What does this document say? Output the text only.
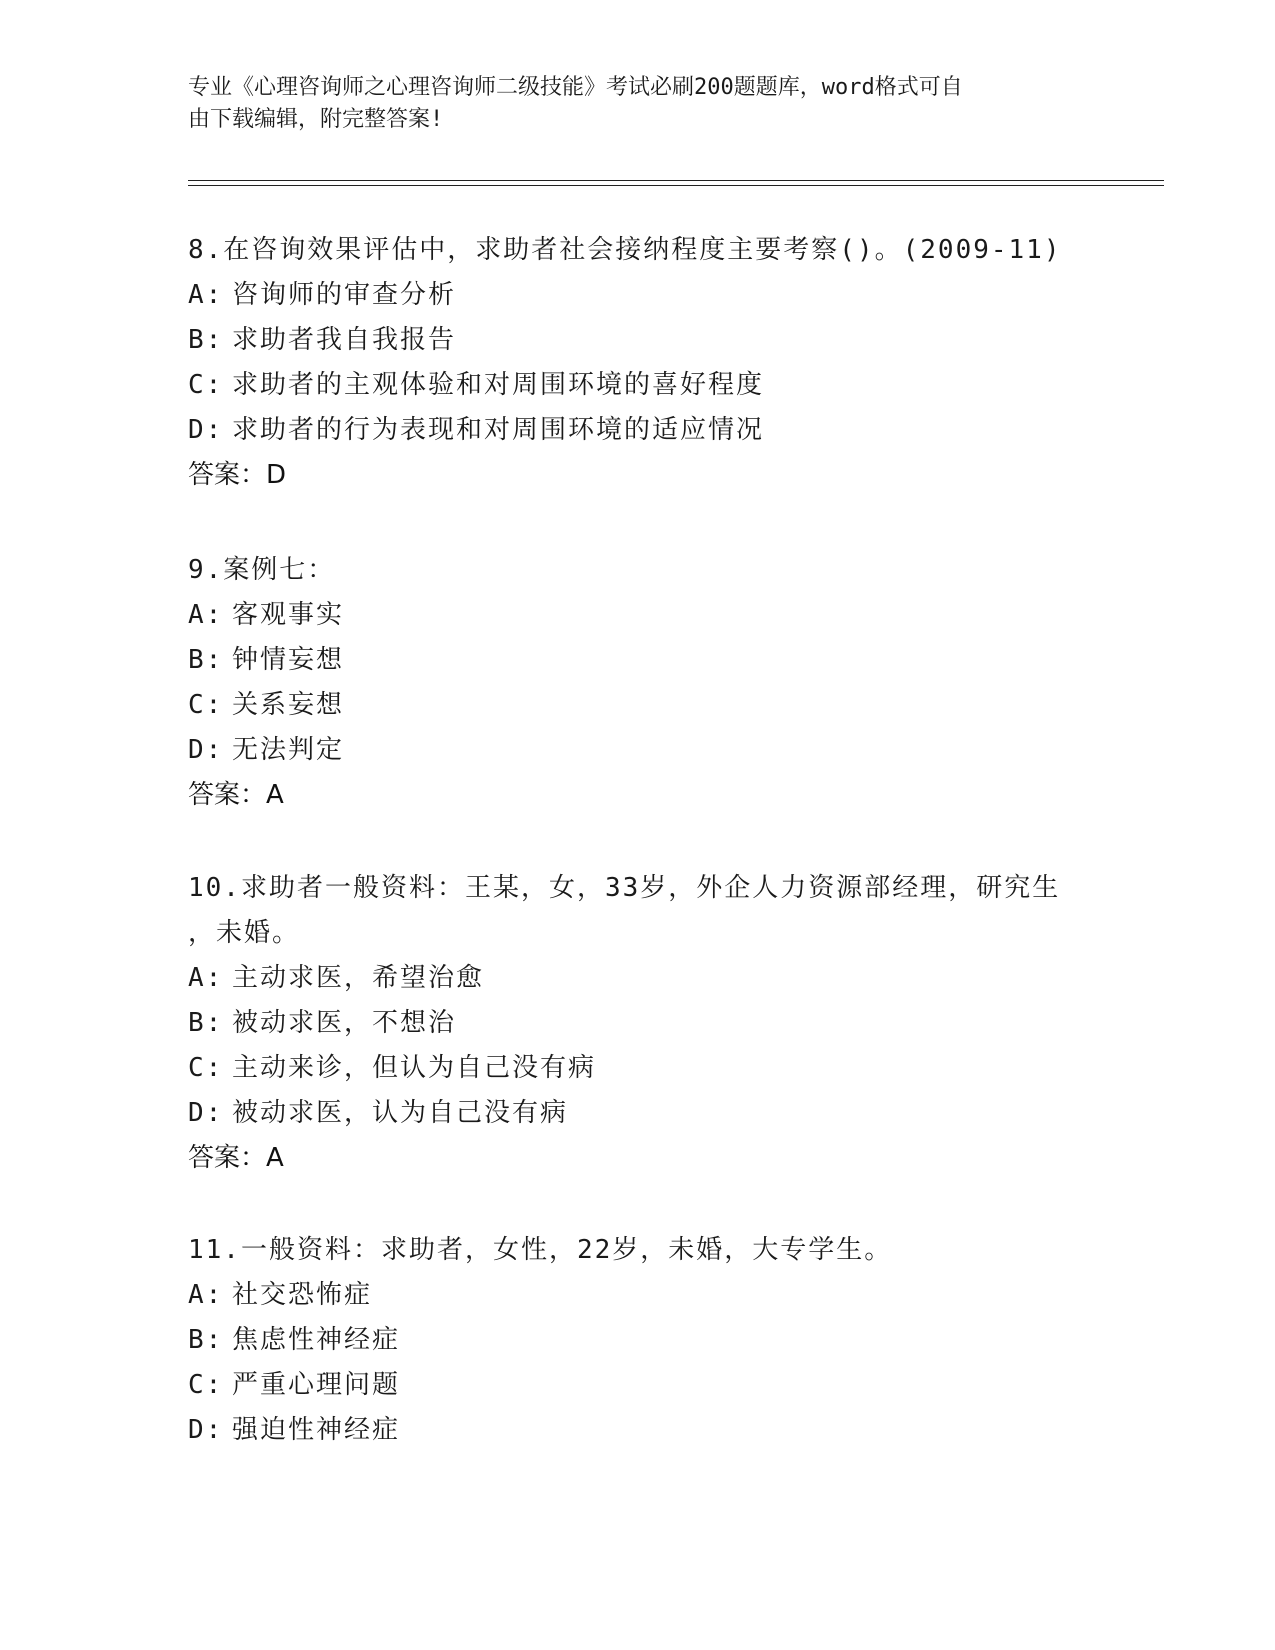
专业《心理咨询师之心理咨询师二级技能》考试必刷200题题库，word格式可自
由下载编辑，附完整答案!
8.在咨询效果评估中，求助者社会接纳程度主要考察()。(2009-11)
A: 咨询师的审查分析
B: 求助者我自我报告
C: 求助者的主观体验和对周围环境的喜好程度
D: 求助者的行为表现和对周围环境的适应情况
答案：D
9.案例七：
A: 客观事实
B: 钟情妄想
C: 关系妄想
D: 无法判定
答案：A
10.求助者一般资料：王某，女，33岁，外企人力资源部经理，研究生
，未婚。
A: 主动求医，希望治愈
B: 被动求医，不想治
C: 主动来诊，但认为自己没有病
D: 被动求医，认为自己没有病
答案：A
11.一般资料：求助者，女性，22岁，未婚，大专学生。
A: 社交恐怖症
B: 焦虑性神经症
C: 严重心理问题
D: 强迫性神经症
